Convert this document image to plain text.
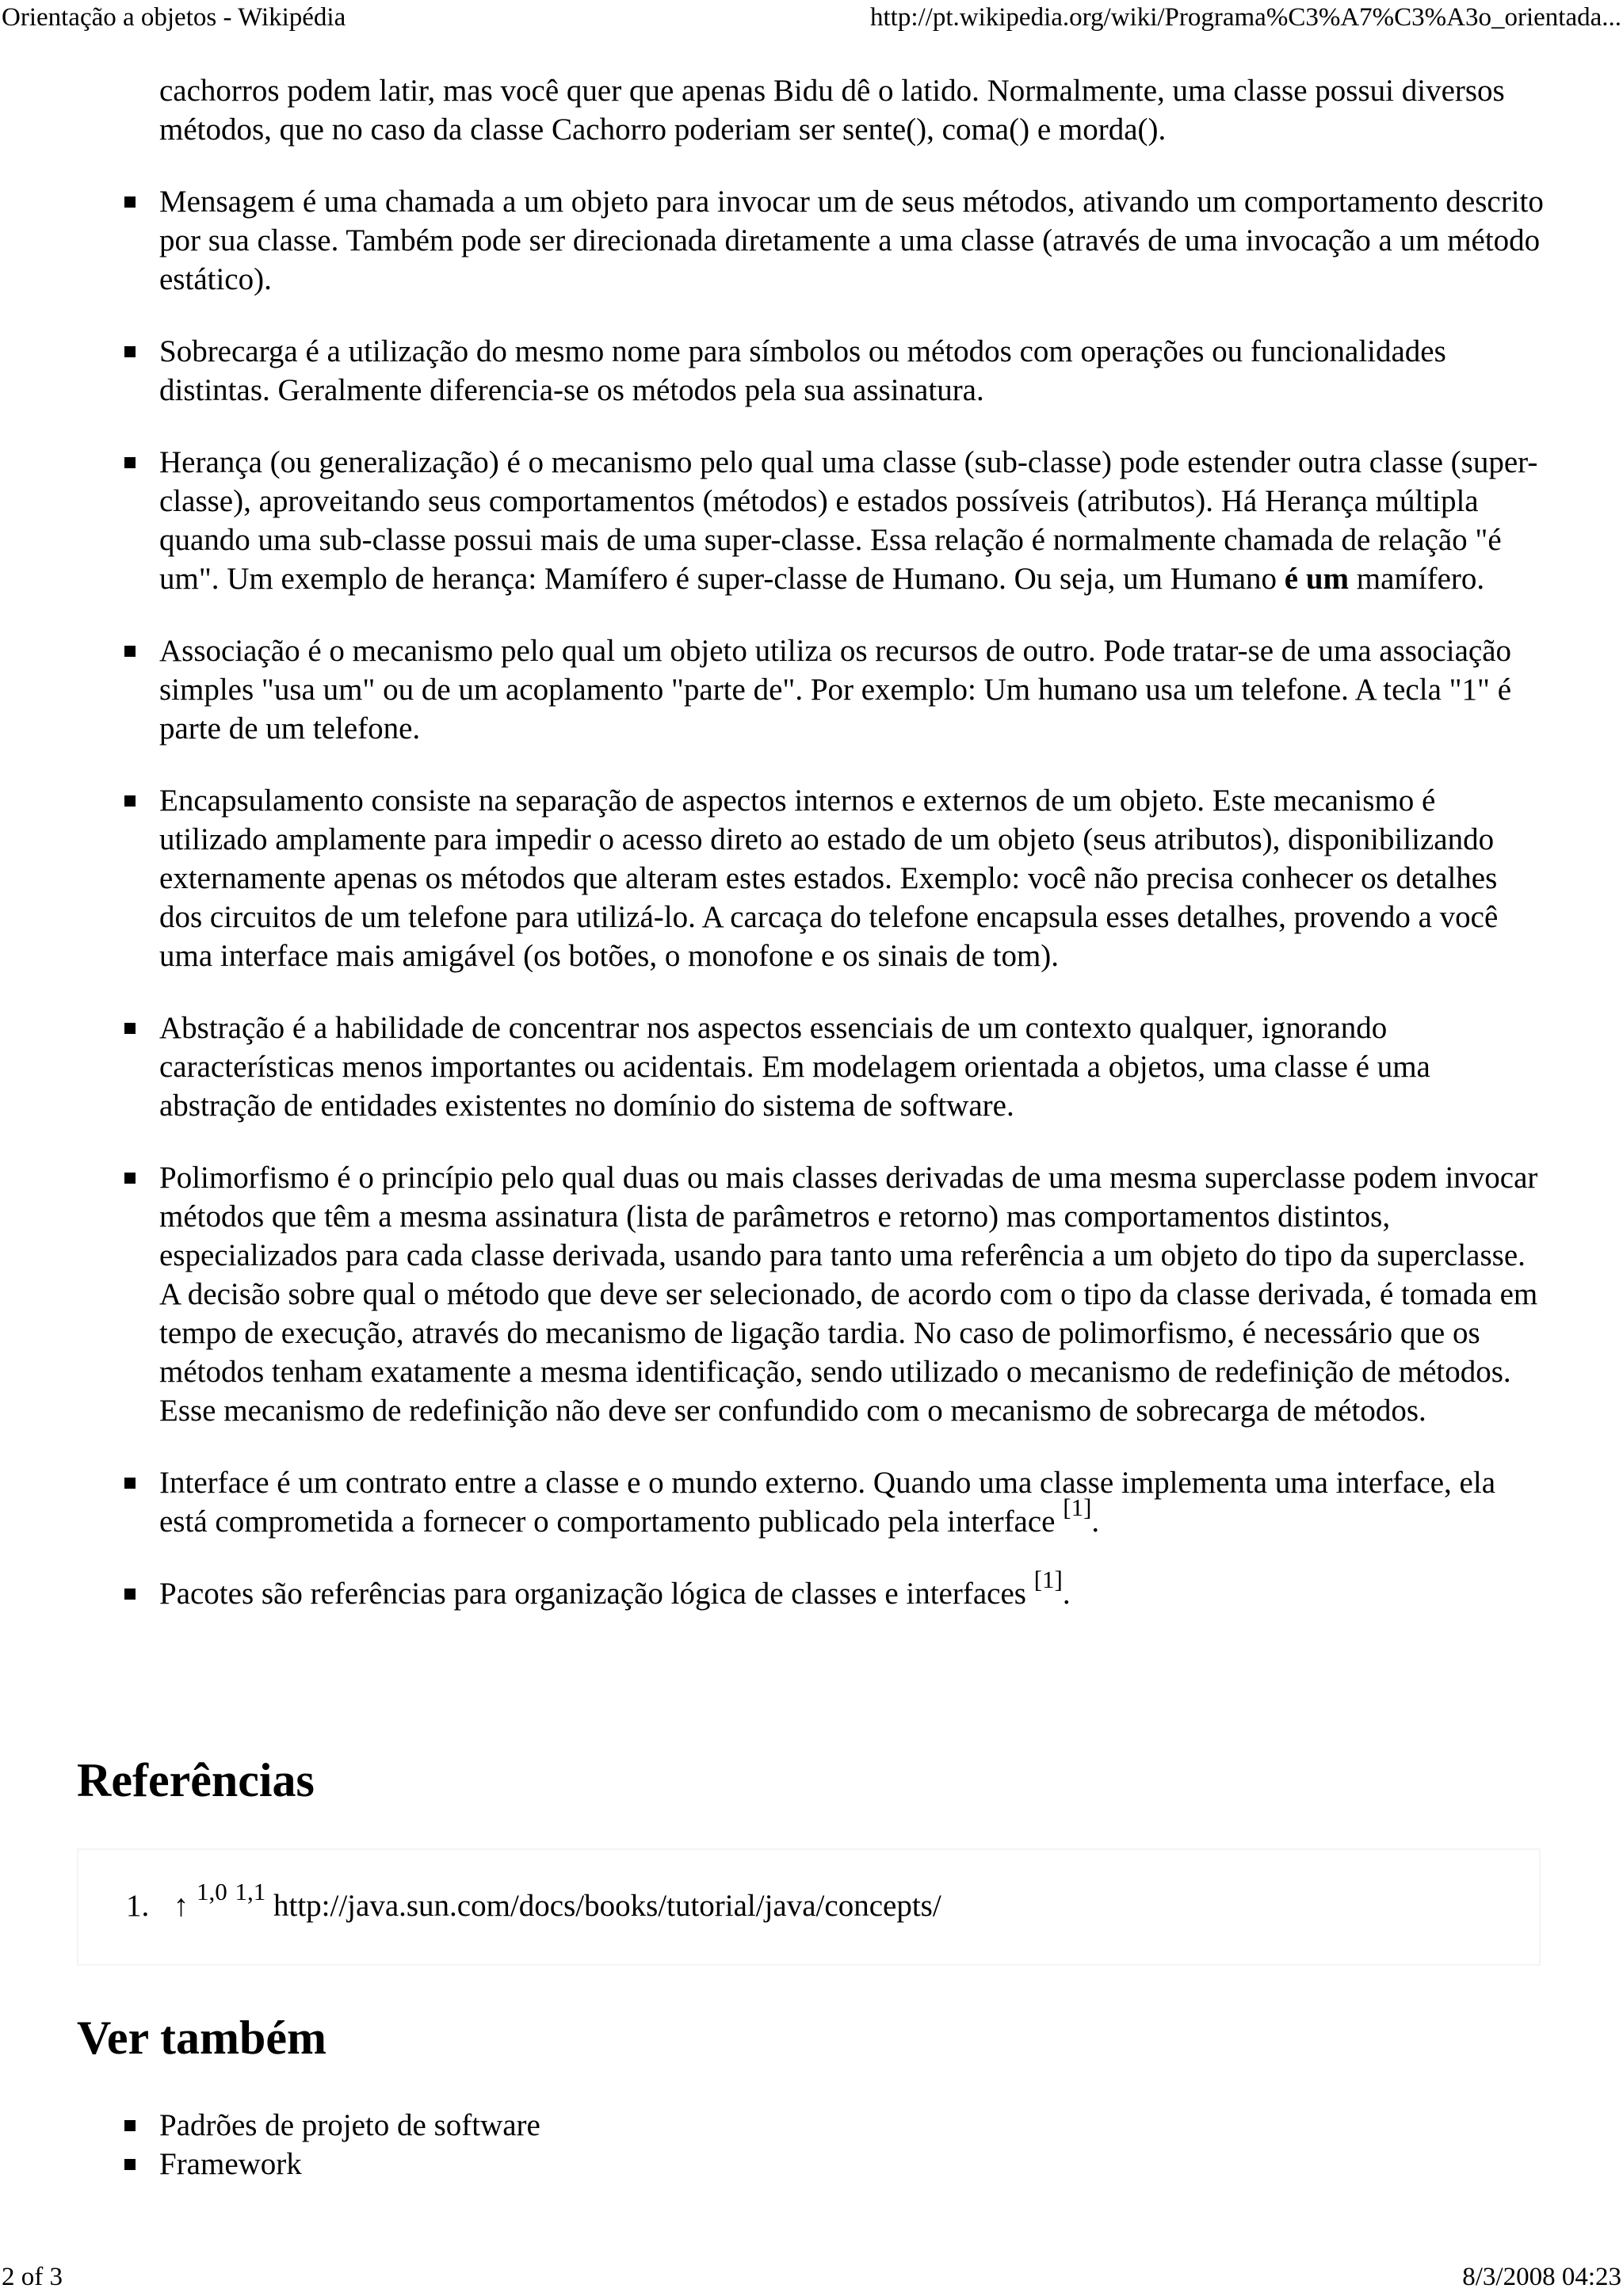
Orientação a objetos - Wikipédia	http://pt.wikipedia.org/wiki/Programa%C3%A7%C3%A3o_orientada...

cachorros podem latir, mas você quer que apenas Bidu dê o latido. Normalmente, uma classe possui diversos métodos, que no caso da classe Cachorro poderiam ser sente(), coma() e morda().

Mensagem é uma chamada a um objeto para invocar um de seus métodos, ativando um comportamento descrito por sua classe. Também pode ser direcionada diretamente a uma classe (através de uma invocação a um método estático).
Sobrecarga é a utilização do mesmo nome para símbolos ou métodos com operações ou funcionalidades distintas. Geralmente diferencia-se os métodos pela sua assinatura.
Herança (ou generalização) é o mecanismo pelo qual uma classe (sub-classe) pode estender outra classe (super-classe), aproveitando seus comportamentos (métodos) e estados possíveis (atributos). Há Herança múltipla quando uma sub-classe possui mais de uma super-classe. Essa relação é normalmente chamada de relação "é um". Um exemplo de herança: Mamífero é super-classe de Humano. Ou seja, um Humano é um mamífero.
Associação é o mecanismo pelo qual um objeto utiliza os recursos de outro. Pode tratar-se de uma associação simples "usa um" ou de um acoplamento "parte de". Por exemplo: Um humano usa um telefone. A tecla "1" é parte de um telefone.
Encapsulamento consiste na separação de aspectos internos e externos de um objeto. Este mecanismo é utilizado amplamente para impedir o acesso direto ao estado de um objeto (seus atributos), disponibilizando externamente apenas os métodos que alteram estes estados. Exemplo: você não precisa conhecer os detalhes dos circuitos de um telefone para utilizá-lo. A carcaça do telefone encapsula esses detalhes, provendo a você uma interface mais amigável (os botões, o monofone e os sinais de tom).
Abstração é a habilidade de concentrar nos aspectos essenciais de um contexto qualquer, ignorando características menos importantes ou acidentais. Em modelagem orientada a objetos, uma classe é uma abstração de entidades existentes no domínio do sistema de software.
Polimorfismo é o princípio pelo qual duas ou mais classes derivadas de uma mesma superclasse podem invocar métodos que têm a mesma assinatura (lista de parâmetros e retorno) mas comportamentos distintos, especializados para cada classe derivada, usando para tanto uma referência a um objeto do tipo da superclasse. A decisão sobre qual o método que deve ser selecionado, de acordo com o tipo da classe derivada, é tomada em tempo de execução, através do mecanismo de ligação tardia. No caso de polimorfismo, é necessário que os métodos tenham exatamente a mesma identificação, sendo utilizado o mecanismo de redefinição de métodos. Esse mecanismo de redefinição não deve ser confundido com o mecanismo de sobrecarga de métodos.
Interface é um contrato entre a classe e o mundo externo. Quando uma classe implementa uma interface, ela está comprometida a fornecer o comportamento publicado pela interface [1].
Pacotes são referências para organização lógica de classes e interfaces [1].
Referências
1. ↑ $^{1,0}$ $^{1,1}$ http://java.sun.com/docs/books/tutorial/java/concepts/
Ver também
Padrões de projeto de software
Framework
2 of 3	8/3/2008 04:23
